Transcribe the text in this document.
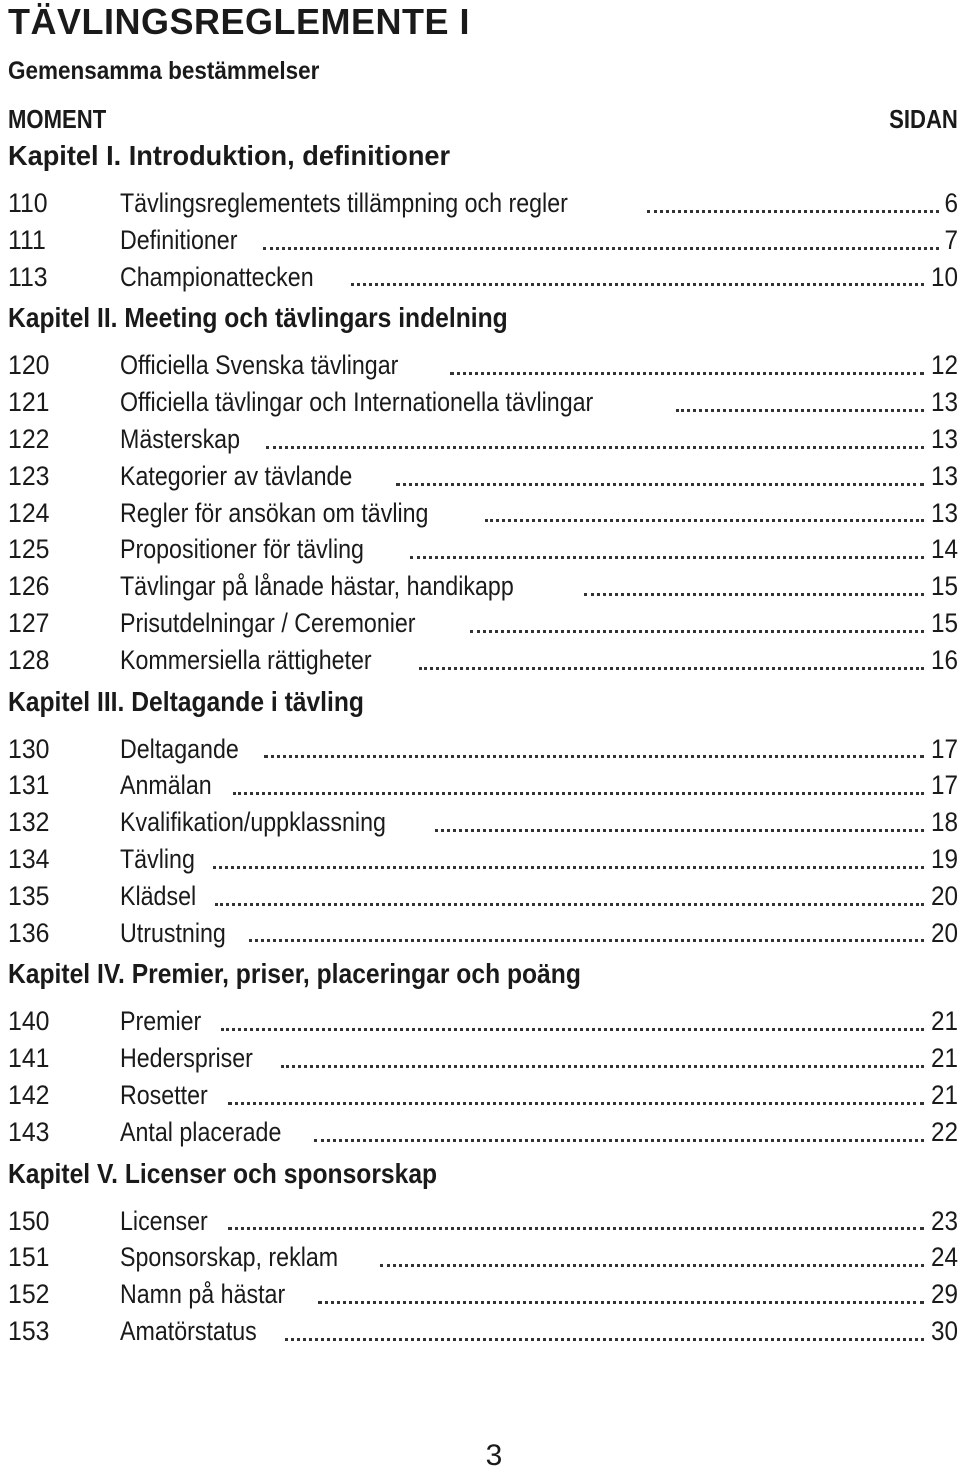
TÄVLINGSREGLEMENTE I
Gemensamma bestämmelser
MOMENT	SIDAN
Kapitel I. Introduktion, definitioner
110	Tävlingsreglementets tillämpning och regler	6
111	Definitioner	7
113	Championattecken	10
Kapitel II. Meeting och tävlingars indelning
120	Officiella Svenska tävlingar	12
121	Officiella tävlingar och Internationella tävlingar	13
122	Mästerskap	13
123	Kategorier av tävlande	13
124	Regler för ansökan om tävling	13
125	Propositioner för tävling	14
126	Tävlingar på lånade hästar, handikapp	15
127	Prisutdelningar / Ceremonier	15
128	Kommersiella rättigheter	16
Kapitel III. Deltagande i tävling
130	Deltagande	17
131	Anmälan	17
132	Kvalifikation/uppklassning	18
134	Tävling	19
135	Klädsel	20
136	Utrustning	20
Kapitel IV. Premier, priser, placeringar och poäng
140	Premier	21
141	Hederspriser	21
142	Rosetter	21
143	Antal placerade	22
Kapitel V. Licenser och sponsorskap
150	Licenser	23
151	Sponsorskap, reklam	24
152	Namn på hästar	29
153	Amatörstatus	30
3
